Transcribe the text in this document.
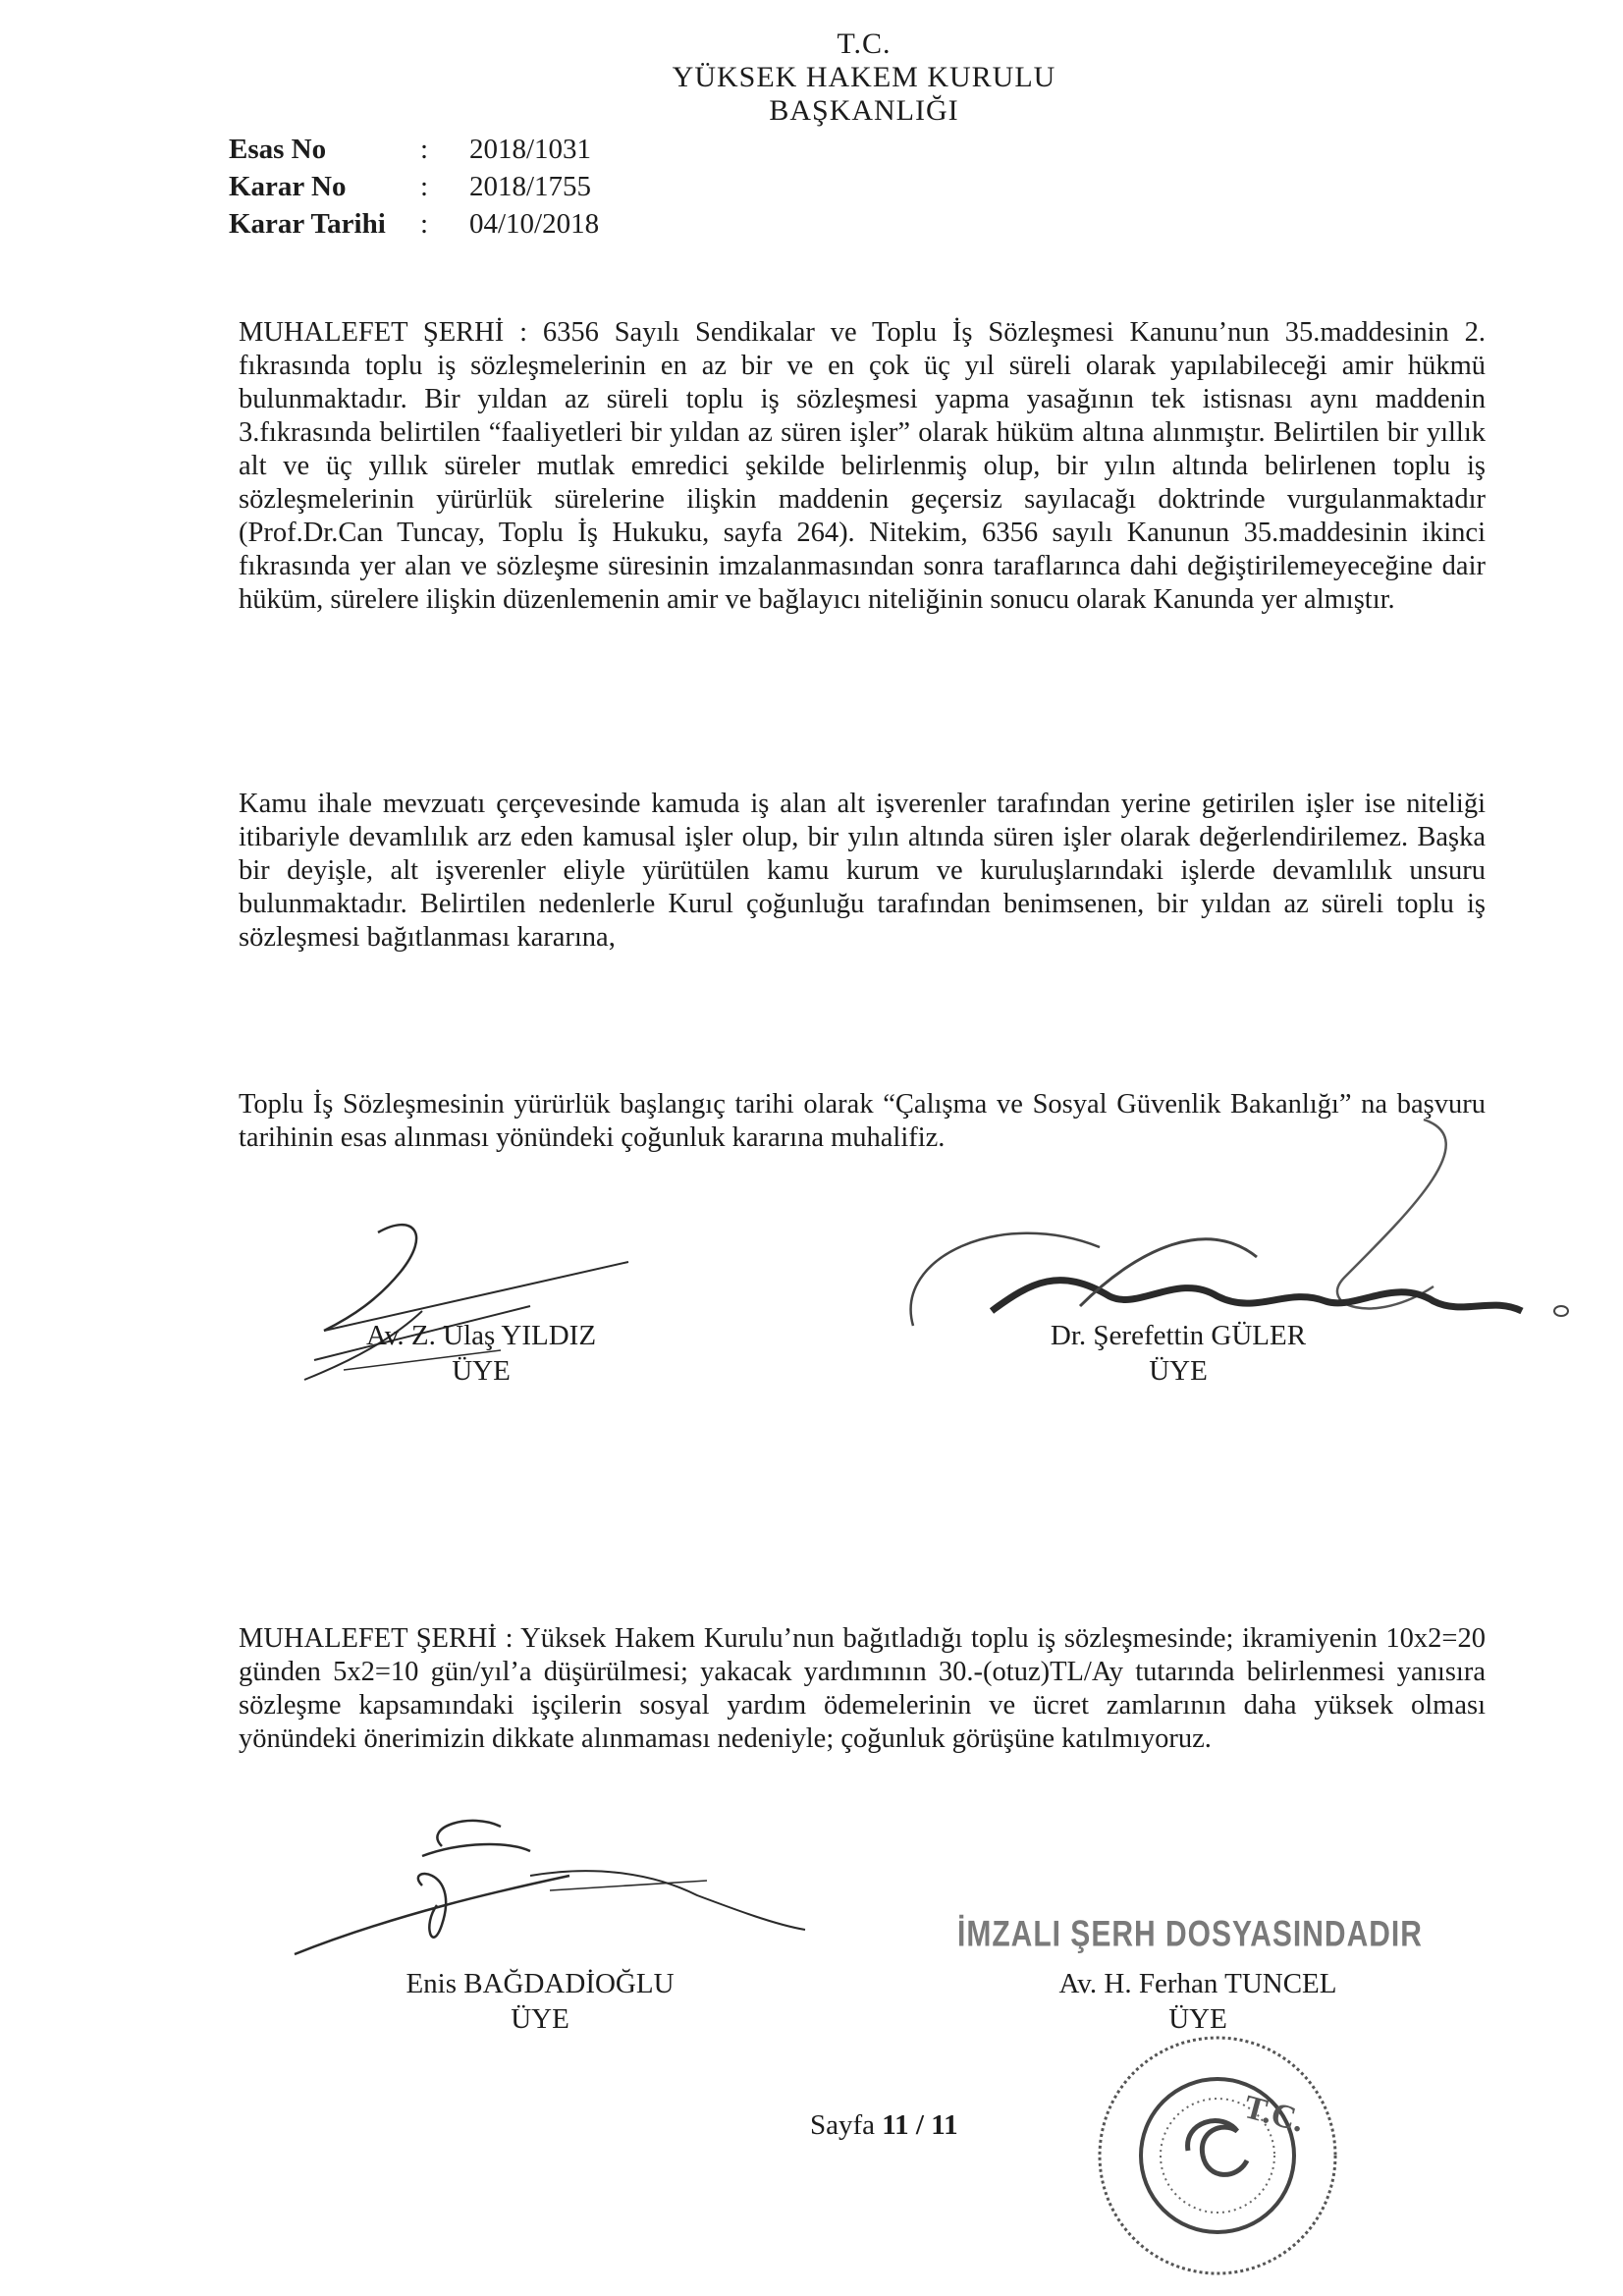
T.C.
YÜKSEK HAKEM KURULU
BAŞKANLIĞI
Esas No	:	2018/1031
Karar No	:	2018/1755
Karar Tarihi	:	04/10/2018
MUHALEFET ŞERHİ : 6356 Sayılı Sendikalar ve Toplu İş Sözleşmesi Kanunu’nun 35.maddesinin 2. fıkrasında toplu iş sözleşmelerinin en az bir ve en çok üç yıl süreli olarak yapılabileceği amir hükmü bulunmaktadır. Bir yıldan az süreli toplu iş sözleşmesi yapma yasağının tek istisnası aynı maddenin 3.fıkrasında belirtilen “faaliyetleri bir yıldan az süren işler” olarak hüküm altına alınmıştır. Belirtilen bir yıllık alt ve üç yıllık süreler mutlak emredici şekilde belirlenmiş olup, bir yılın altında belirlenen toplu iş sözleşmelerinin yürürlük sürelerine ilişkin maddenin geçersiz sayılacağı doktrinde vurgulanmaktadır (Prof.Dr.Can Tuncay, Toplu İş Hukuku, sayfa 264). Nitekim, 6356 sayılı Kanunun 35.maddesinin ikinci fıkrasında yer alan ve sözleşme süresinin imzalanmasından sonra taraflarınca dahi değiştirilemeyeceğine dair hüküm, sürelere ilişkin düzenlemenin amir ve bağlayıcı niteliğinin sonucu olarak Kanunda yer almıştır.
Kamu ihale mevzuatı çerçevesinde kamuda iş alan alt işverenler tarafından yerine getirilen işler ise niteliği itibariyle devamlılık arz eden kamusal işler olup, bir yılın altında süren işler olarak değerlendirilemez. Başka bir deyişle, alt işverenler eliyle yürütülen kamu kurum ve kuruluşlarındaki işlerde devamlılık unsuru bulunmaktadır. Belirtilen nedenlerle Kurul çoğunluğu tarafından benimsenen, bir yıldan az süreli toplu iş sözleşmesi bağıtlanması kararına,
Toplu İş Sözleşmesinin yürürlük başlangıç tarihi olarak “Çalışma ve Sosyal Güvenlik Bakanlığı” na başvuru tarihinin esas alınması yönündeki çoğunluk kararına muhalifiz.
Av. Z. Ulaş YILDIZ
ÜYE
Dr. Şerefettin GÜLER
ÜYE
MUHALEFET ŞERHİ : Yüksek Hakem Kurulu’nun bağıtladığı toplu iş sözleşmesinde; ikramiyenin 10x2=20 günden 5x2=10 gün/yıl’a düşürülmesi; yakacak yardımının 30.-(otuz)TL/Ay tutarında belirlenmesi yanısıra sözleşme kapsamındaki işçilerin sosyal yardım ödemelerinin ve ücret zamlarının daha yüksek olması yönündeki önerimizin dikkate alınmaması nedeniyle; çoğunluk görüşüne katılmıyoruz.
Enis BAĞDADİOĞLU
ÜYE
İMZALI ŞERH DOSYASINDADIR
Av. H. Ferhan TUNCEL
ÜYE
T.C.
Sayfa 11 / 11
